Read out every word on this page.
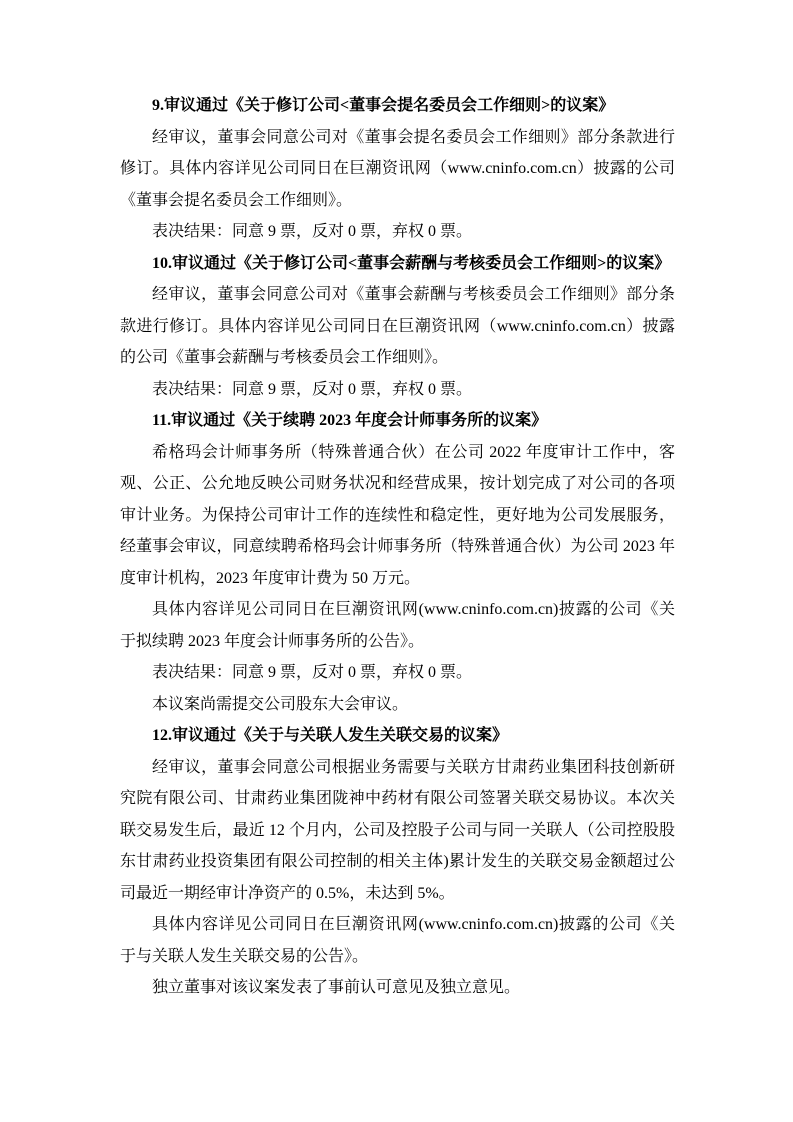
9.审议通过《关于修订公司<董事会提名委员会工作细则>的议案》

经审议，董事会同意公司对《董事会提名委员会工作细则》部分条款进行修订。具体内容详见公司同日在巨潮资讯网（www.cninfo.com.cn）披露的公司《董事会提名委员会工作细则》。

表决结果：同意 9 票，反对 0 票，弃权 0 票。

10.审议通过《关于修订公司<董事会薪酬与考核委员会工作细则>的议案》

经审议，董事会同意公司对《董事会薪酬与考核委员会工作细则》部分条款进行修订。具体内容详见公司同日在巨潮资讯网（www.cninfo.com.cn）披露的公司《董事会薪酬与考核委员会工作细则》。

表决结果：同意 9 票，反对 0 票，弃权 0 票。

11.审议通过《关于续聘 2023 年度会计师事务所的议案》

希格玛会计师事务所（特殊普通合伙）在公司 2022 年度审计工作中，客观、公正、公允地反映公司财务状况和经营成果，按计划完成了对公司的各项审计业务。为保持公司审计工作的连续性和稳定性，更好地为公司发展服务，经董事会审议，同意续聘希格玛会计师事务所（特殊普通合伙）为公司 2023 年度审计机构，2023 年度审计费为 50 万元。

具体内容详见公司同日在巨潮资讯网(www.cninfo.com.cn)披露的公司《关于拟续聘 2023 年度会计师事务所的公告》。

表决结果：同意 9 票，反对 0 票，弃权 0 票。

本议案尚需提交公司股东大会审议。

12.审议通过《关于与关联人发生关联交易的议案》

经审议，董事会同意公司根据业务需要与关联方甘肃药业集团科技创新研究院有限公司、甘肃药业集团陇神中药材有限公司签署关联交易协议。本次关联交易发生后，最近 12 个月内，公司及控股子公司与同一关联人（公司控股股东甘肃药业投资集团有限公司控制的相关主体)累计发生的关联交易金额超过公司最近一期经审计净资产的 0.5%，未达到 5%。

具体内容详见公司同日在巨潮资讯网(www.cninfo.com.cn)披露的公司《关于与关联人发生关联交易的公告》。

独立董事对该议案发表了事前认可意见及独立意见。
